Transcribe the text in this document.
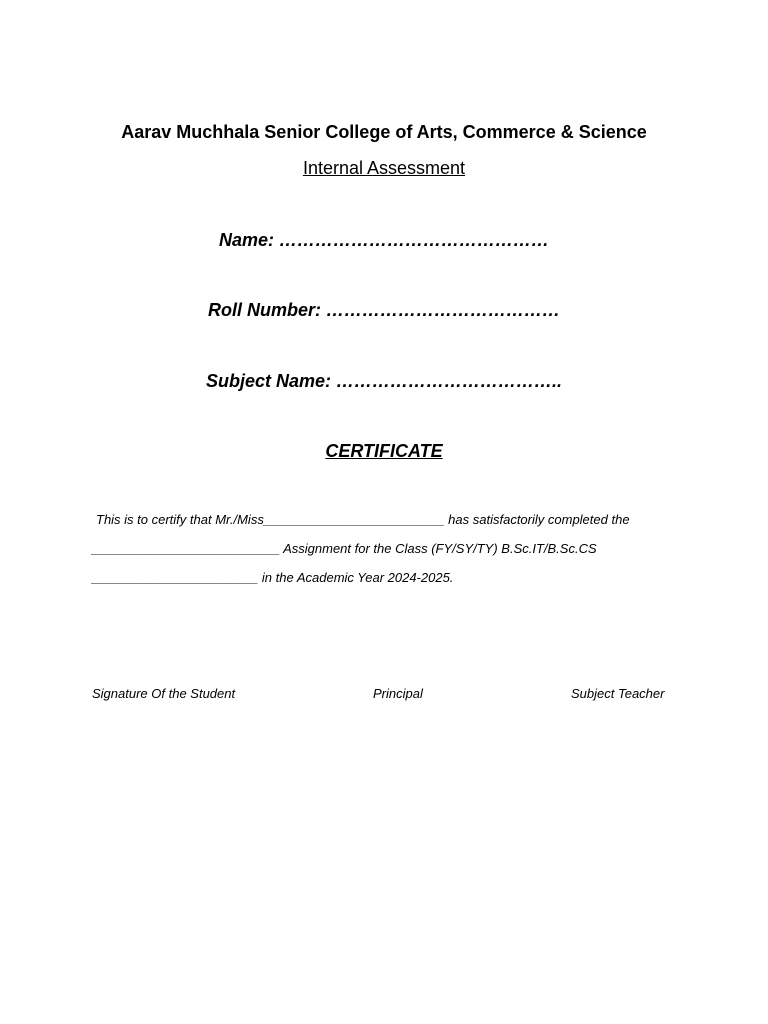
Aarav Muchhala Senior College of Arts, Commerce & Science
Internal Assessment
Name: ………………………………………
Roll Number: …………………………………
Subject Name: ………………………………..
CERTIFICATE
This is to certify that Mr./Miss_________________________ has satisfactorily completed the
__________________________ Assignment for the Class (FY/SY/TY) B.Sc.IT/B.Sc.CS
_______________________ in the Academic Year 2024-2025.
Signature Of the Student	Principal	Subject Teacher
